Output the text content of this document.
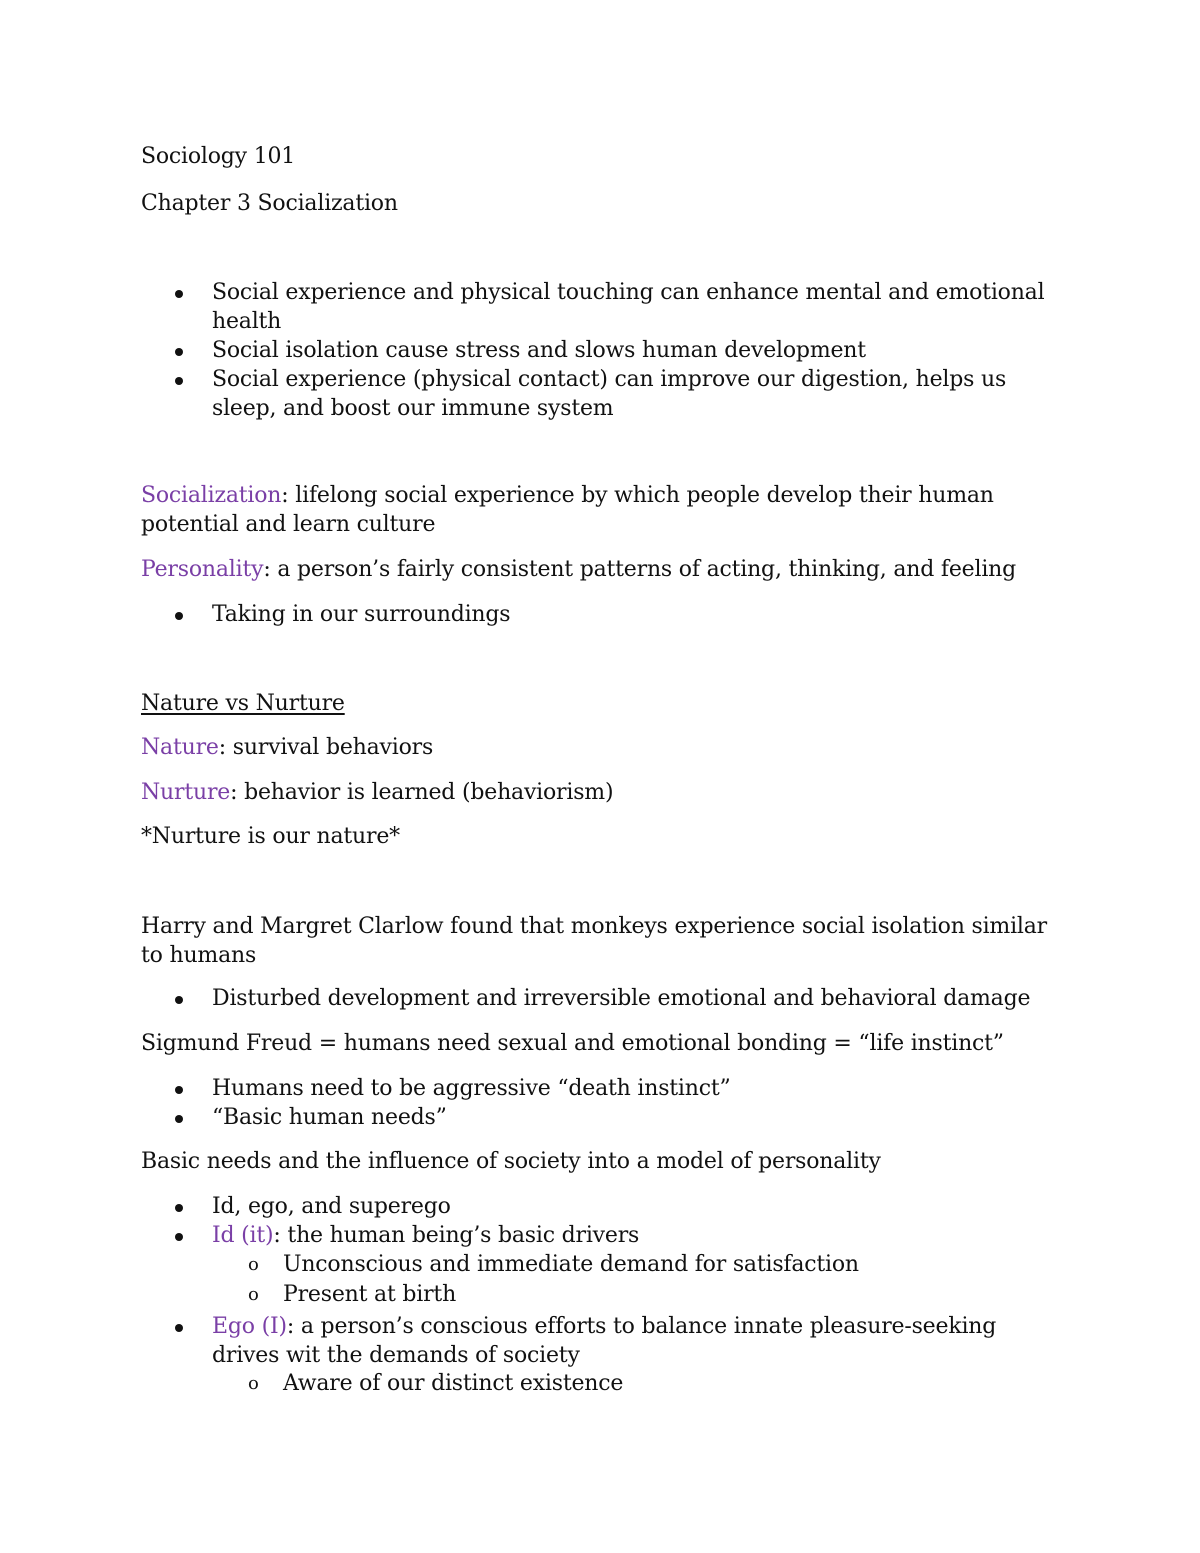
Sociology 101
Chapter 3 Socialization
Social experience and physical touching can enhance mental and emotional health
Social isolation cause stress and slows human development
Social experience (physical contact) can improve our digestion, helps us sleep, and boost our immune system
Socialization: lifelong social experience by which people develop their human potential and learn culture
Personality: a person’s fairly consistent patterns of acting, thinking, and feeling
Taking in our surroundings
Nature vs Nurture
Nature: survival behaviors
Nurture: behavior is learned (behaviorism)
*Nurture is our nature*
Harry and Margret Clarlow found that monkeys experience social isolation similar to humans
Disturbed development and irreversible emotional and behavioral damage
Sigmund Freud = humans need sexual and emotional bonding = “life instinct”
Humans need to be aggressive “death instinct”
“Basic human needs”
Basic needs and the influence of society into a model of personality
Id, ego, and superego
Id (it): the human being’s basic drivers
o Unconscious and immediate demand for satisfaction
o Present at birth
Ego (I): a person’s conscious efforts to balance innate pleasure-seeking drives wit the demands of society
o Aware of our distinct existence
